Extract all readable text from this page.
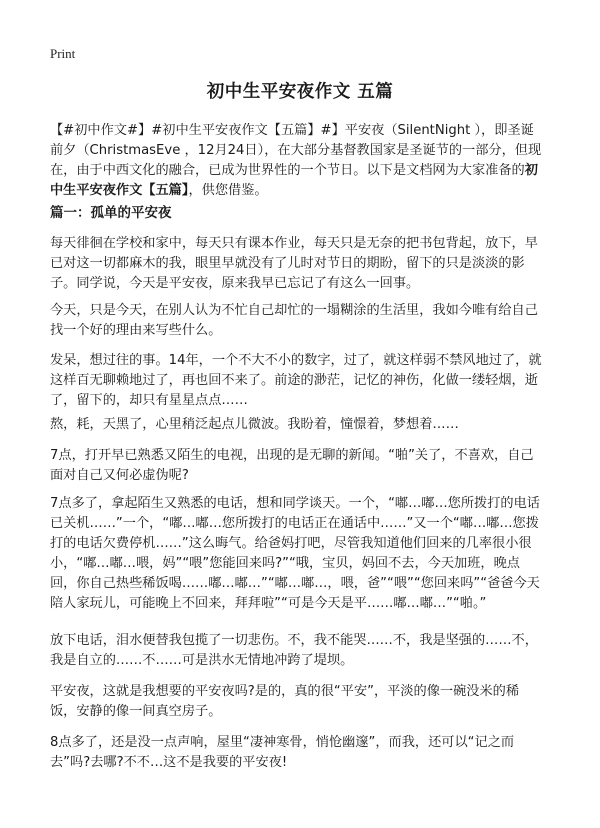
Print
初中生平安夜作文 五篇
【#初中作文#】#初中生平安夜作文【五篇】#】平安夜（SilentNight ），即圣诞前夕（ChristmasEve ，12月24日），在大部分基督教国家是圣诞节的一部分，但现在，由于中西文化的融合，已成为世界性的一个节日。以下是文档网为大家准备的初中生平安夜作文【五篇】，供您借鉴。
篇一：孤单的平安夜
每天徘徊在学校和家中，每天只有课本作业，每天只是无奈的把书包背起，放下，早已对这一切都麻木的我，眼里早就没有了儿时对节日的期盼，留下的只是淡淡的影子。同学说，今天是平安夜，原来我早已忘记了有这么一回事。
今天，只是今天，在别人认为不忙自己却忙的一塌糊涂的生活里，我如今唯有给自己找一个好的理由来写些什么。
发呆，想过往的事。14年，一个不大不小的数字，过了，就这样弱不禁风地过了，就这样百无聊赖地过了，再也回不来了。前途的渺茫，记忆的神伤，化做一缕轻烟，逝了，留下的，却只有星星点点……
熬，耗，天黑了，心里稍泛起点儿微波。我盼着，憧憬着，梦想着……
7点，打开早已熟悉又陌生的电视，出现的是无聊的新闻。“啪”关了，不喜欢，自己面对自己又何必虚伪呢?
7点多了，拿起陌生又熟悉的电话，想和同学谈天。一个，“嘟…嘟…您所拨打的电话已关机……”一个，“嘟…嘟…您所拨打的电话正在通话中……”又一个“嘟…嘟…您拨打的电话欠费停机……”这么晦气。给爸妈打吧，尽管我知道他们回来的几率很小很小，“嘟…嘟…喂，妈”“喂”您能回来吗?”“哦，宝贝，妈回不去，今天加班，晚点回，你自己热些稀饭喝……嘟…嘟…”“嘟…嘟…，喂，爸”“喂”“您回来吗”“爸爸今天陪人家玩儿，可能晚上不回来，拜拜啦”“可是今天是平……嘟…嘟…”“啪。”
放下电话，泪水便替我包揽了一切悲伤。不，我不能哭……不，我是坚强的……不，我是自立的……不……可是洪水无情地冲跨了堤坝。
平安夜，这就是我想要的平安夜吗?是的，真的很“平安”，平淡的像一碗没米的稀饭，安静的像一间真空房子。
8点多了，还是没一点声响，屋里“凄神寒骨，悄怆幽邃”，而我，还可以“记之而去”吗?去哪?不不…这不是我要的平安夜!
